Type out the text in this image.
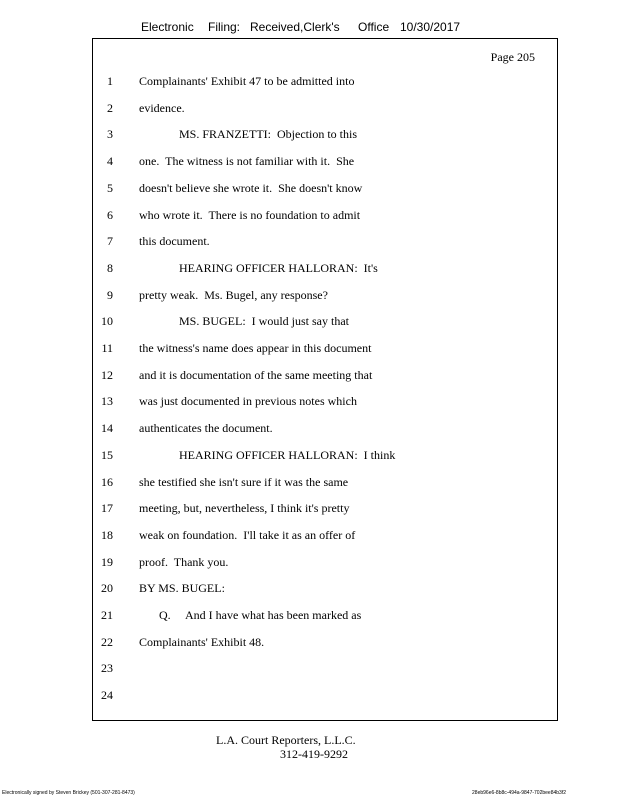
Electronic Filing: Received,Clerk's Office 10/30/2017
Page 205
1 Complainants' Exhibit 47 to be admitted into
2 evidence.
3	MS. FRANZETTI:  Objection to this
4 one.  The witness is not familiar with it.  She
5 doesn't believe she wrote it.  She doesn't know
6 who wrote it.  There is no foundation to admit
7 this document.
8	HEARING OFFICER HALLORAN:  It's
9 pretty weak.  Ms. Bugel, any response?
10	MS. BUGEL:  I would just say that
11 the witness's name does appear in this document
12 and it is documentation of the same meeting that
13 was just documented in previous notes which
14 authenticates the document.
15	HEARING OFFICER HALLORAN:  I think
16 she testified she isn't sure if it was the same
17 meeting, but, nevertheless, I think it's pretty
18 weak on foundation.  I'll take it as an offer of
19 proof.  Thank you.
20 BY MS. BUGEL:
21	Q.     And I have what has been marked as
22 Complainants' Exhibit 48.
23
24
L.A. Court Reporters, L.L.C.
312-419-9292
Electronically signed by Steven Brickey (501-307-281-8473)	28eb96e6-8b8c-494a-9847-702bee84b3f2
